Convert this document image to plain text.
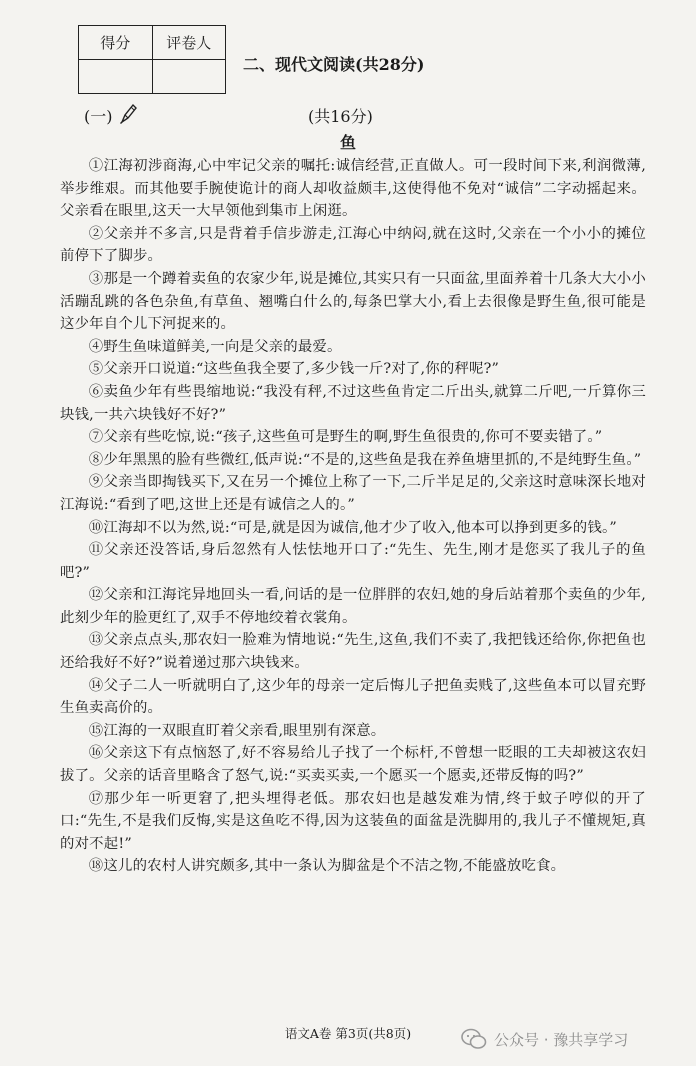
得分	评卷人

二、现代文阅读(共28分)
(一)	(共16分)
鱼

①江海初涉商海,心中牢记父亲的嘱托:诚信经营,正直做人。可一段时间下来,利润微薄,举步维艰。而其他要手腕使诡计的商人却收益颇丰,这使得他不免对“诚信”二字动摇起来。父亲看在眼里,这天一大早领他到集市上闲逛。

②父亲并不多言,只是背着手信步游走,江海心中纳闷,就在这时,父亲在一个小小的摊位前停下了脚步。

③那是一个蹲着卖鱼的农家少年,说是摊位,其实只有一只面盆,里面养着十几条大大小小活蹦乱跳的各色杂鱼,有草鱼、翘嘴白什么的,每条巴掌大小,看上去很像是野生鱼,很可能是这少年自个儿下河捉来的。

④野生鱼味道鲜美,一向是父亲的最爱。

⑤父亲开口说道:“这些鱼我全要了,多少钱一斤?对了,你的秤呢?”

⑥卖鱼少年有些畏缩地说:“我没有秤,不过这些鱼肯定二斤出头,就算二斤吧,一斤算你三块钱,一共六块钱好不好?”

⑦父亲有些吃惊,说:“孩子,这些鱼可是野生的啊,野生鱼很贵的,你可不要卖错了。”

⑧少年黑黑的脸有些微红,低声说:“不是的,这些鱼是我在养鱼塘里抓的,不是纯野生鱼。”

⑨父亲当即掏钱买下,又在另一个摊位上称了一下,二斤半足足的,父亲这时意味深长地对江海说:“看到了吧,这世上还是有诚信之人的。”

⑩江海却不以为然,说:“可是,就是因为诚信,他才少了收入,他本可以挣到更多的钱。”

⑪父亲还没答话,身后忽然有人怯怯地开口了:“先生、先生,刚才是您买了我儿子的鱼吧?”

⑫父亲和江海诧异地回头一看,问话的是一位胖胖的农妇,她的身后站着那个卖鱼的少年,此刻少年的脸更红了,双手不停地绞着衣裳角。

⑬父亲点点头,那农妇一脸难为情地说:“先生,这鱼,我们不卖了,我把钱还给你,你把鱼也还给我好不好?”说着递过那六块钱来。

⑭父子二人一听就明白了,这少年的母亲一定后悔儿子把鱼卖贱了,这些鱼本可以冒充野生鱼卖高价的。

⑮江海的一双眼直盯着父亲看,眼里别有深意。

⑯父亲这下有点恼怒了,好不容易给儿子找了一个标杆,不曾想一眨眼的工夫却被这农妇拔了。父亲的话音里略含了怒气,说:“买卖买卖,一个愿买一个愿卖,还带反悔的吗?”

⑰那少年一听更窘了,把头埋得老低。那农妇也是越发难为情,终于蚊子哼似的开了口:“先生,不是我们反悔,实是这鱼吃不得,因为这装鱼的面盆是洗脚用的,我儿子不懂规矩,真的对不起!”

⑱这儿的农村人讲究颇多,其中一条认为脚盆是个不洁之物,不能盛放吃食。

语文A卷 第3页(共8页)	公众号 · 豫共享学习
